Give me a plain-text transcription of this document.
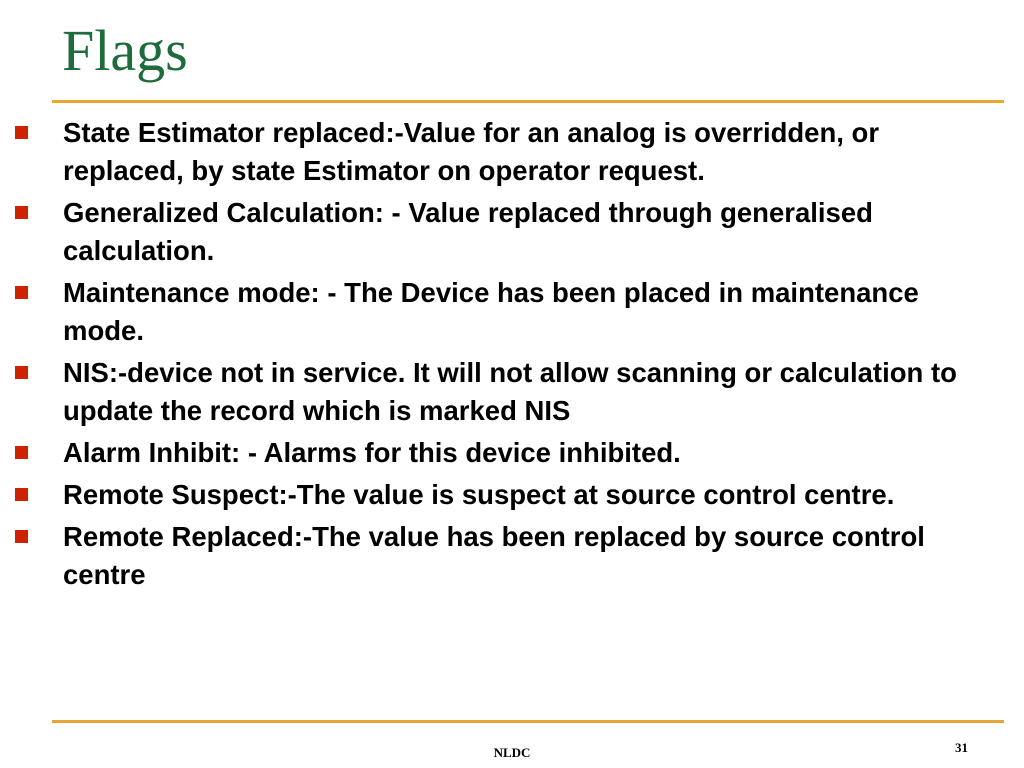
Flags
State Estimator replaced:-Value for an analog is overridden, or replaced, by state Estimator on operator request.
Generalized Calculation: - Value replaced through generalised calculation.
Maintenance mode: - The Device has been placed in maintenance mode.
NIS:-device not in service. It will not allow scanning or calculation to update the record which is marked NIS
Alarm Inhibit: - Alarms for this device inhibited.
Remote Suspect:-The value is suspect at source control centre.
Remote Replaced:-The value has been replaced by source control centre
NLDC	31
